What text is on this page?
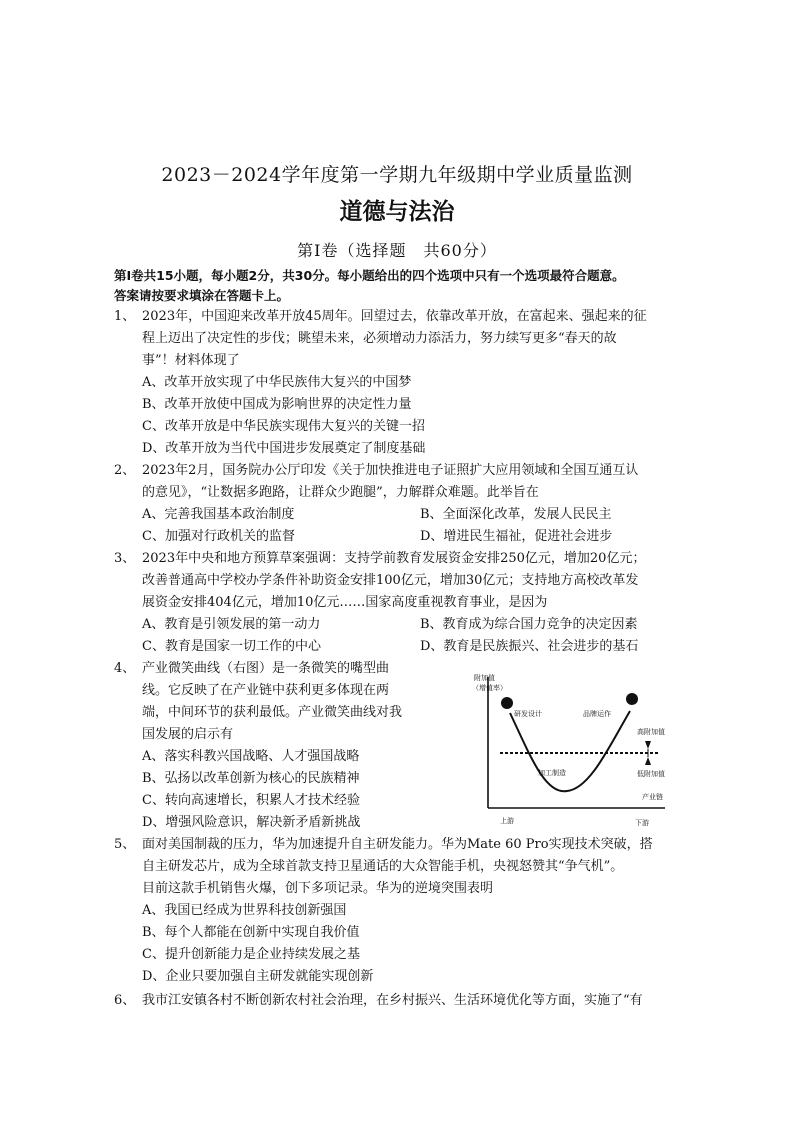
2023－2024学年度第一学期九年级期中学业质量监测
道德与法治
第Ⅰ卷（选择题　共60分）
第Ⅰ卷共15小题，每小题2分，共30分。每小题给出的四个选项中只有一个选项最符合题意。
答案请按要求填涂在答题卡上。
1、 2023年，中国迎来改革开放45周年。回望过去，依靠改革开放，在富起来、强起来的征
程上迈出了决定性的步伐；眺望未来，必须增动力添活力，努力续写更多“春天的故
事”！材料体现了
A、改革开放实现了中华民族伟大复兴的中国梦
B、改革开放使中国成为影响世界的决定性力量
C、改革开放是中华民族实现伟大复兴的关键一招
D、改革开放为当代中国进步发展奠定了制度基础
2、 2023年2月，国务院办公厅印发《关于加快推进电子证照扩大应用领域和全国互通互认
的意见》，“让数据多跑路，让群众少跑腿”，力解群众难题。此举旨在
A、完善我国基本政治制度	B、全面深化改革，发展人民民主
C、加强对行政机关的监督	D、增进民生福祉，促进社会进步
3、 2023年中央和地方预算草案强调：支持学前教育发展资金安排250亿元，增加20亿元；
改善普通高中学校办学条件补助资金安排100亿元，增加30亿元；支持地方高校改革发
展资金安排404亿元，增加10亿元……国家高度重视教育事业，是因为
A、教育是引领发展的第一动力	B、教育成为综合国力竞争的决定因素
C、教育是国家一切工作的中心	D、教育是民族振兴、社会进步的基石
4、 产业微笑曲线（右图）是一条微笑的嘴型曲
线。它反映了在产业链中获利更多体现在两
端，中间环节的获利最低。产业微笑曲线对我
国发展的启示有
A、落实科教兴国战略、人才强国战略
B、弘扬以改革创新为核心的民族精神
C、转向高速增长，积累人才技术经验
D、增强风险意识，解决新矛盾新挑战
附加值
（增值率）
研发设计	品牌运作
加工制造
高附加值
低附加值
产业链
上游	下游
5、 面对美国制裁的压力，华为加速提升自主研发能力。华为Mate 60 Pro实现技术突破，搭
自主研发芯片，成为全球首款支持卫星通话的大众智能手机，央视怒赞其“争气机”。
目前这款手机销售火爆，创下多项记录。华为的逆境突围表明
A、我国已经成为世界科技创新强国
B、每个人都能在创新中实现自我价值
C、提升创新能力是企业持续发展之基
D、企业只要加强自主研发就能实现创新
6、 我市江安镇各村不断创新农村社会治理，在乡村振兴、生活环境优化等方面，实施了“有
